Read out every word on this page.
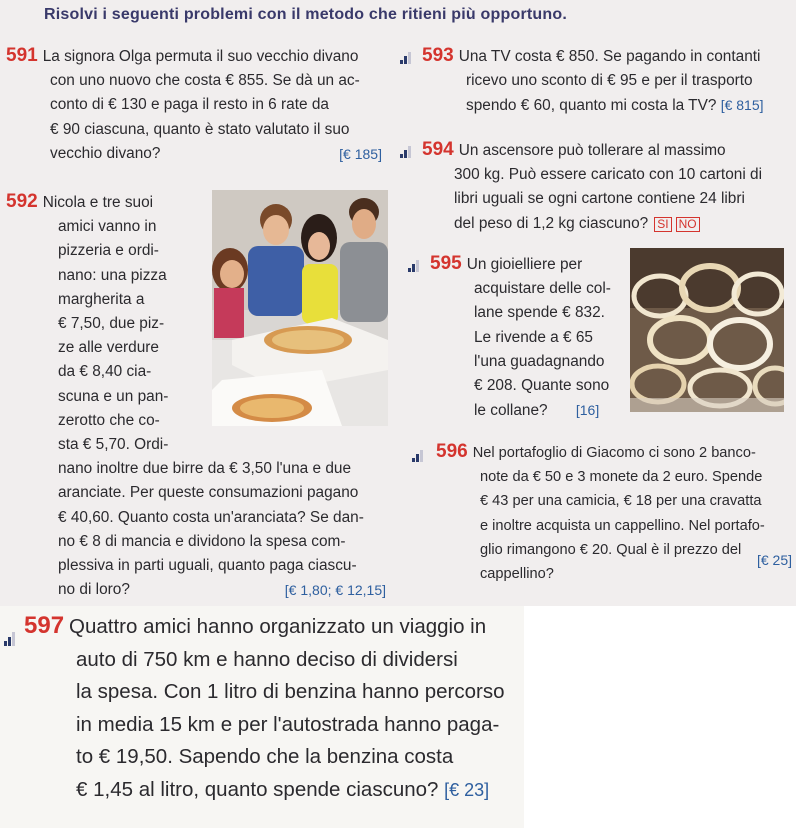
Risolvi i seguenti problemi con il metodo che ritieni più opportuno.
591 La signora Olga permuta il suo vecchio divano
con uno nuovo che costa € 855. Se dà un ac-
conto di € 130 e paga il resto in 6 rate da
€ 90 ciascuna, quanto è stato valutato il suo
vecchio divano?	[€ 185]
592 Nicola e tre suoi
amici vanno in
pizzeria e ordi-
nano: una pizza
margherita a
€ 7,50, due piz-
ze alle verdure
da € 8,40 cia-
scuna e un pan-
zerotto che co-
sta € 5,70. Ordi-
nano inoltre due birre da € 3,50 l'una e due
aranciate. Per queste consumazioni pagano
€ 40,60. Quanto costa un'aranciata? Se dan-
no € 8 di mancia e dividono la spesa com-
plessiva in parti uguali, quanto paga ciascu-
no di loro?	[€ 1,80; € 12,15]
593 Una TV costa € 850. Se pagando in contanti
ricevo uno sconto di € 95 e per il trasporto
spendo € 60, quanto mi costa la TV? [€ 815]
594 Un ascensore può tollerare al massimo
300 kg. Può essere caricato con 10 cartoni di
libri uguali se ogni cartone contiene 24 libri
del peso di 1,2 kg ciascuno? SI NO
595 Un gioielliere per
acquistare delle col-
lane spende € 832.
Le rivende a € 65
l'una guadagnando
€ 208. Quante sono
le collane? [16]
596 Nel portafoglio di Giacomo ci sono 2 banco-
note da € 50 e 3 monete da 2 euro. Spende
€ 43 per una camicia, € 18 per una cravatta
e inoltre acquista un cappellino. Nel portafo-
glio rimangono € 20. Qual è il prezzo del
cappellino?
[€ 25]
597 Quattro amici hanno organizzato un viaggio in
auto di 750 km e hanno deciso di dividersi
la spesa. Con 1 litro di benzina hanno percorso
in media 15 km e per l'autostrada hanno paga-
to € 19,50. Sapendo che la benzina costa
€ 1,45 al litro, quanto spende ciascuno? [€ 23]
